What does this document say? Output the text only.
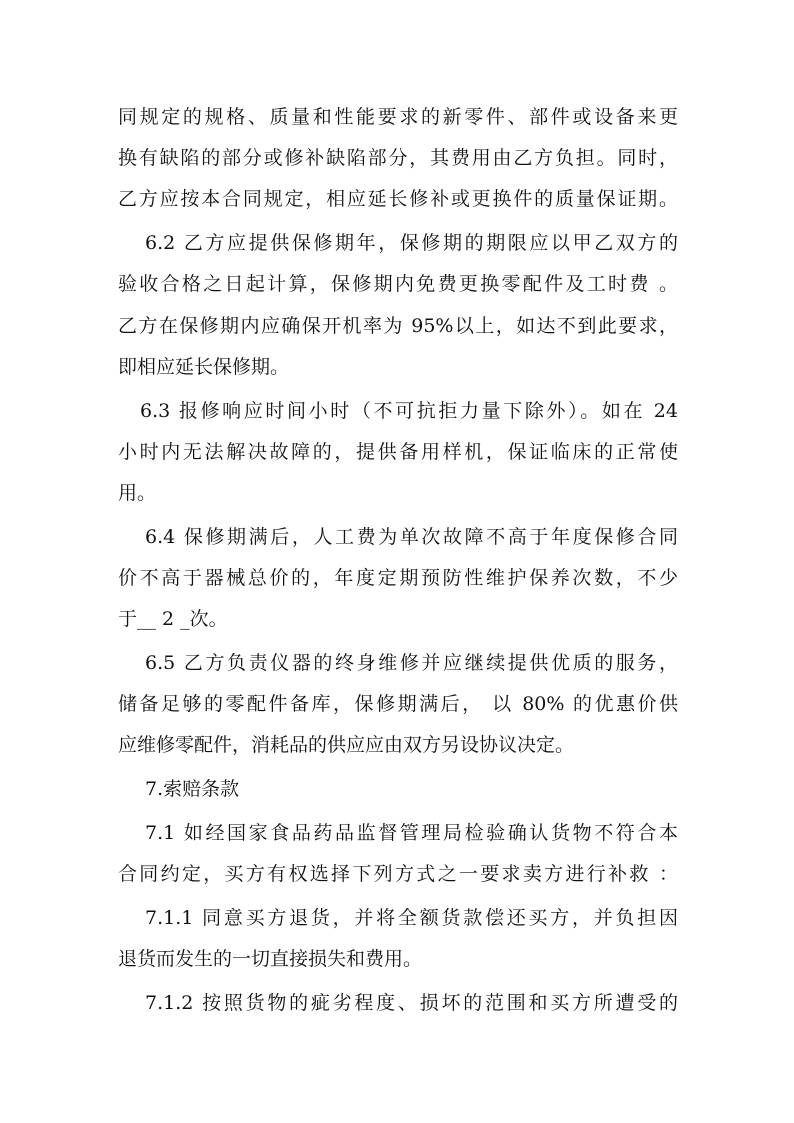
同规定的规格、质量和性能要求的新零件、部件或设备来更
换有缺陷的部分或修补缺陷部分，其费用由乙方负担。同时，
乙方应按本合同规定，相应延长修补或更换件的质量保证期。
6.2 乙方应提供保修期年，保修期的期限应以甲乙双方的
验收合格之日起计算，保修期内免费更换零配件及工时费 。
乙方在保修期内应确保开机率为 95%以上，如达不到此要求，
即相应延长保修期。
6.3 报修响应时间小时（不可抗拒力量下除外）。如在 24
小时内无法解决故障的，提供备用样机，保证临床的正常使
用。
6.4 保修期满后，人工费为单次故障不高于年度保修合同
价不高于器械总价的，年度定期预防性维护保养次数，不少
于__ 2 _次。
6.5 乙方负责仪器的终身维修并应继续提供优质的服务，
储备足够的零配件备库，保修期满后， 以 80% 的优惠价供
应维修零配件，消耗品的供应应由双方另设协议决定。
7.索赔条款
7.1 如经国家食品药品监督管理局检验确认货物不符合本
合同约定，买方有权选择下列方式之一要求卖方进行补救 ：
7.1.1 同意买方退货，并将全额货款偿还买方，并负担因
退货而发生的一切直接损失和费用。
7.1.2 按照货物的疵劣程度、损坏的范围和买方所遭受的
